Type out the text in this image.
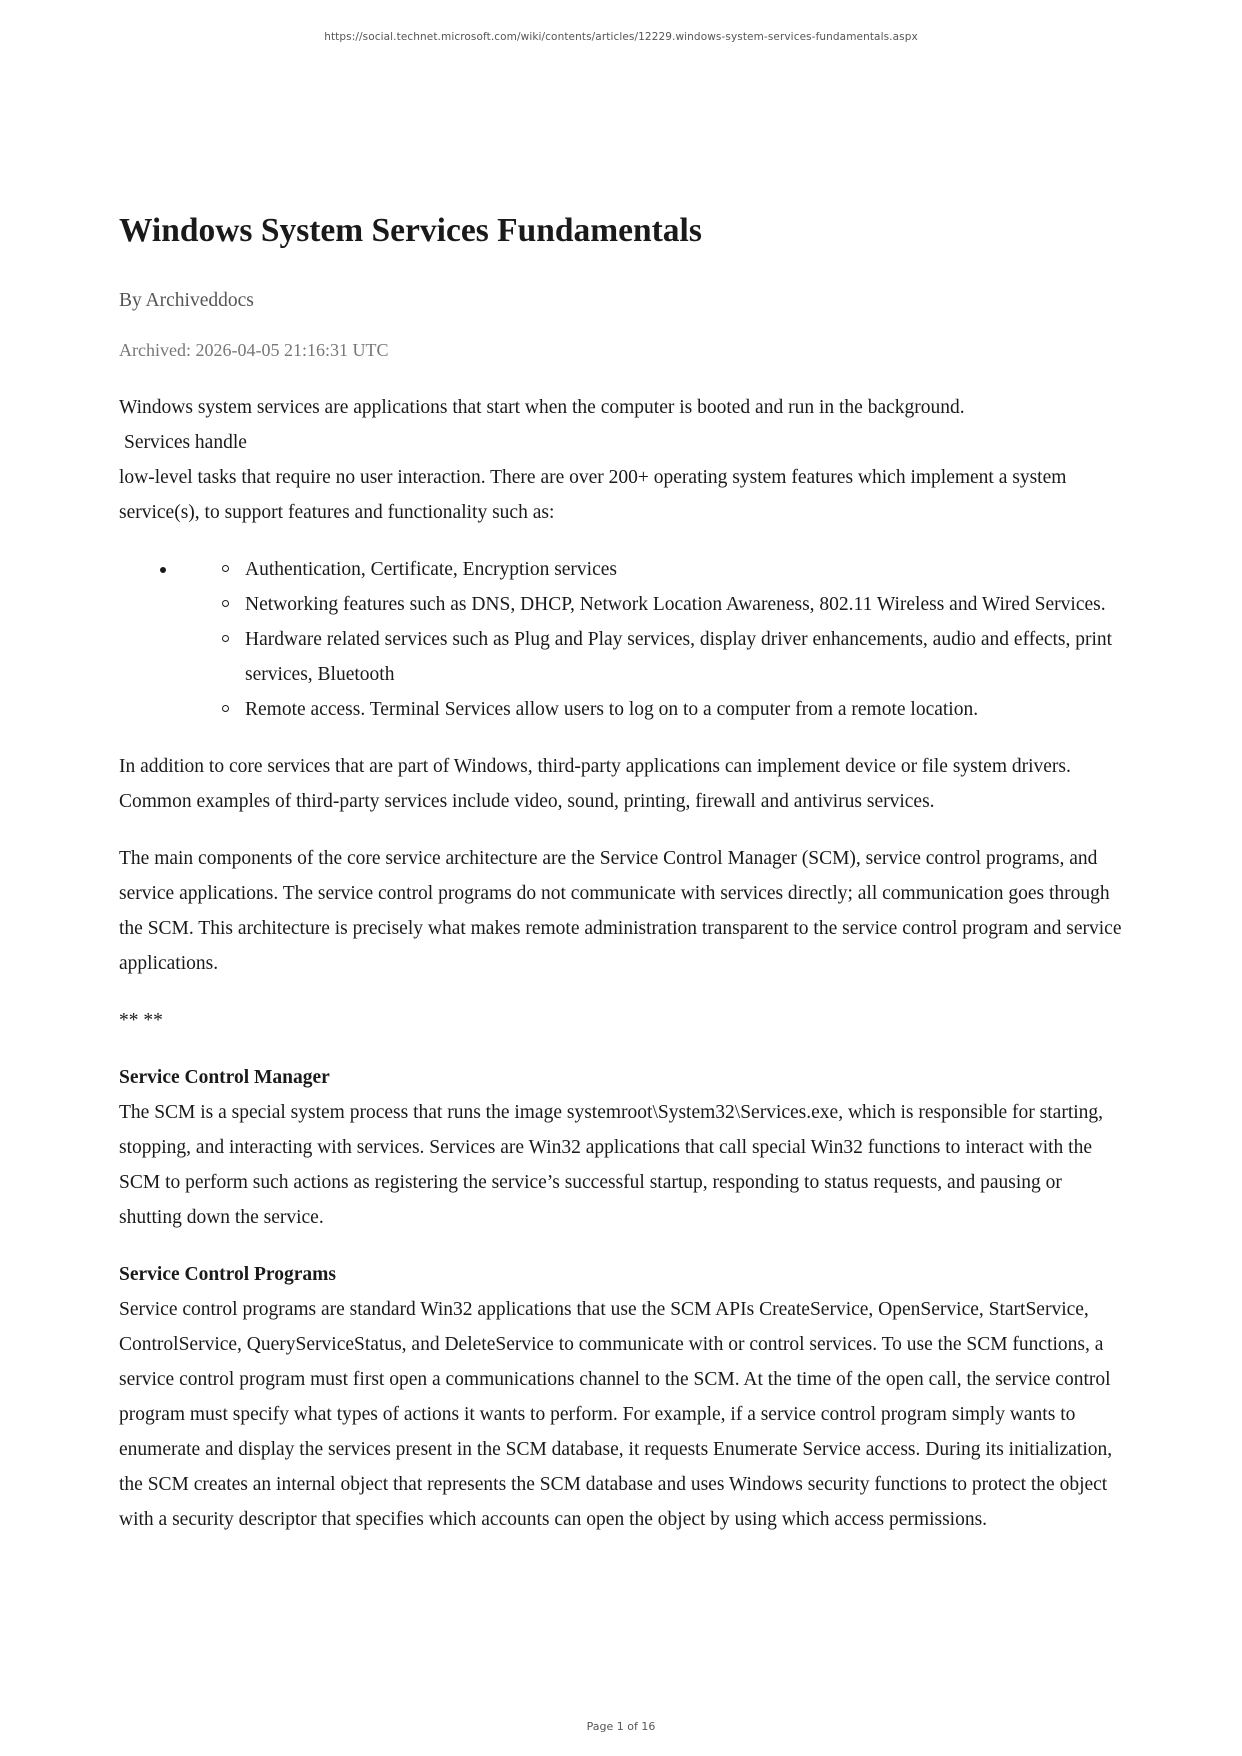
https://social.technet.microsoft.com/wiki/contents/articles/12229.windows-system-services-fundamentals.aspx
Windows System Services Fundamentals
By Archiveddocs
Archived: 2026-04-05 21:16:31 UTC

Windows system services are applications that start when the computer is booted and run in the background.
Services handle
low-level tasks that require no user interaction. There are over 200+ operating system features which implement a system service(s), to support features and functionality such as:

Authentication, Certificate, Encryption services
Networking features such as DNS, DHCP, Network Location Awareness, 802.11 Wireless and Wired Services.
Hardware related services such as Plug and Play services, display driver enhancements, audio and effects, print services, Bluetooth
Remote access. Terminal Services allow users to log on to a computer from a remote location.

In addition to core services that are part of Windows, third-party applications can implement device or file system drivers. Common examples of third-party services include video, sound, printing, firewall and antivirus services.

The main components of the core service architecture are the Service Control Manager (SCM), service control programs, and service applications. The service control programs do not communicate with services directly; all communication goes through the SCM. This architecture is precisely what makes remote administration transparent to the service control program and service applications.

** **
Service Control Manager

The SCM is a special system process that runs the image systemroot\System32\Services.exe, which is responsible for starting, stopping, and interacting with services. Services are Win32 applications that call special Win32 functions to interact with the SCM to perform such actions as registering the service’s successful startup, responding to status requests, and pausing or shutting down the service.

Service Control Programs

Service control programs are standard Win32 applications that use the SCM APIs CreateService, OpenService, StartService, ControlService, QueryServiceStatus, and DeleteService to communicate with or control services. To use the SCM functions, a service control program must first open a communications channel to the SCM. At the time of the open call, the service control program must specify what types of actions it wants to perform. For example, if a service control program simply wants to enumerate and display the services present in the SCM database, it requests Enumerate Service access. During its initialization, the SCM creates an internal object that represents the SCM database and uses Windows security functions to protect the object with a security descriptor that specifies which accounts can open the object by using which access permissions.

Page 1 of 16
